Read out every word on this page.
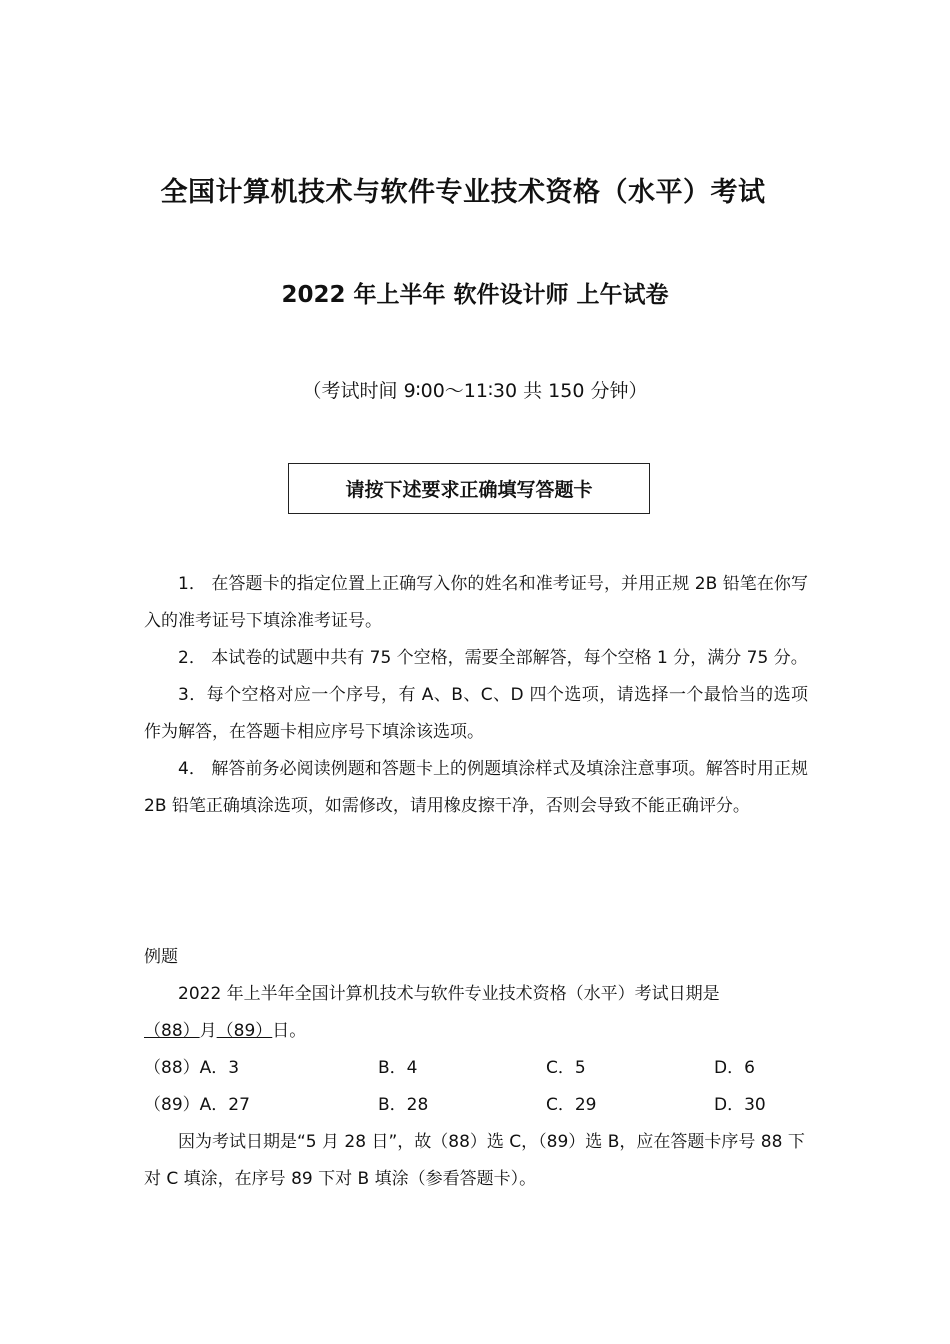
全国计算机技术与软件专业技术资格（水平）考试
2022 年上半年 软件设计师 上午试卷
（考试时间 9∶00～11∶30 共 150 分钟）
请按下述要求正确填写答题卡

1． 在答题卡的指定位置上正确写入你的姓名和准考证号，并用正规 2B 铅笔在你写入的准考证号下填涂准考证号。

2． 本试卷的试题中共有 75 个空格，需要全部解答，每个空格 1 分，满分 75 分。

3．每个空格对应一个序号，有 A、B、C、D 四个选项，请选择一个最恰当的选项作为解答，在答题卡相应序号下填涂该选项。

4． 解答前务必阅读例题和答题卡上的例题填涂样式及填涂注意事项。解答时用正规 2B 铅笔正确填涂选项，如需修改，请用橡皮擦干净，否则会导致不能正确评分。

例题

2022 年上半年全国计算机技术与软件专业技术资格（水平）考试日期是

（88）月（89）日。

（88）A．3	B．4	C．5	D．6
（89）A．27	B．28	C．29	D．30

因为考试日期是“5 月 28 日”，故（88）选 C，（89）选 B，应在答题卡序号 88 下对 C 填涂，在序号 89 下对 B 填涂（参看答题卡）。
